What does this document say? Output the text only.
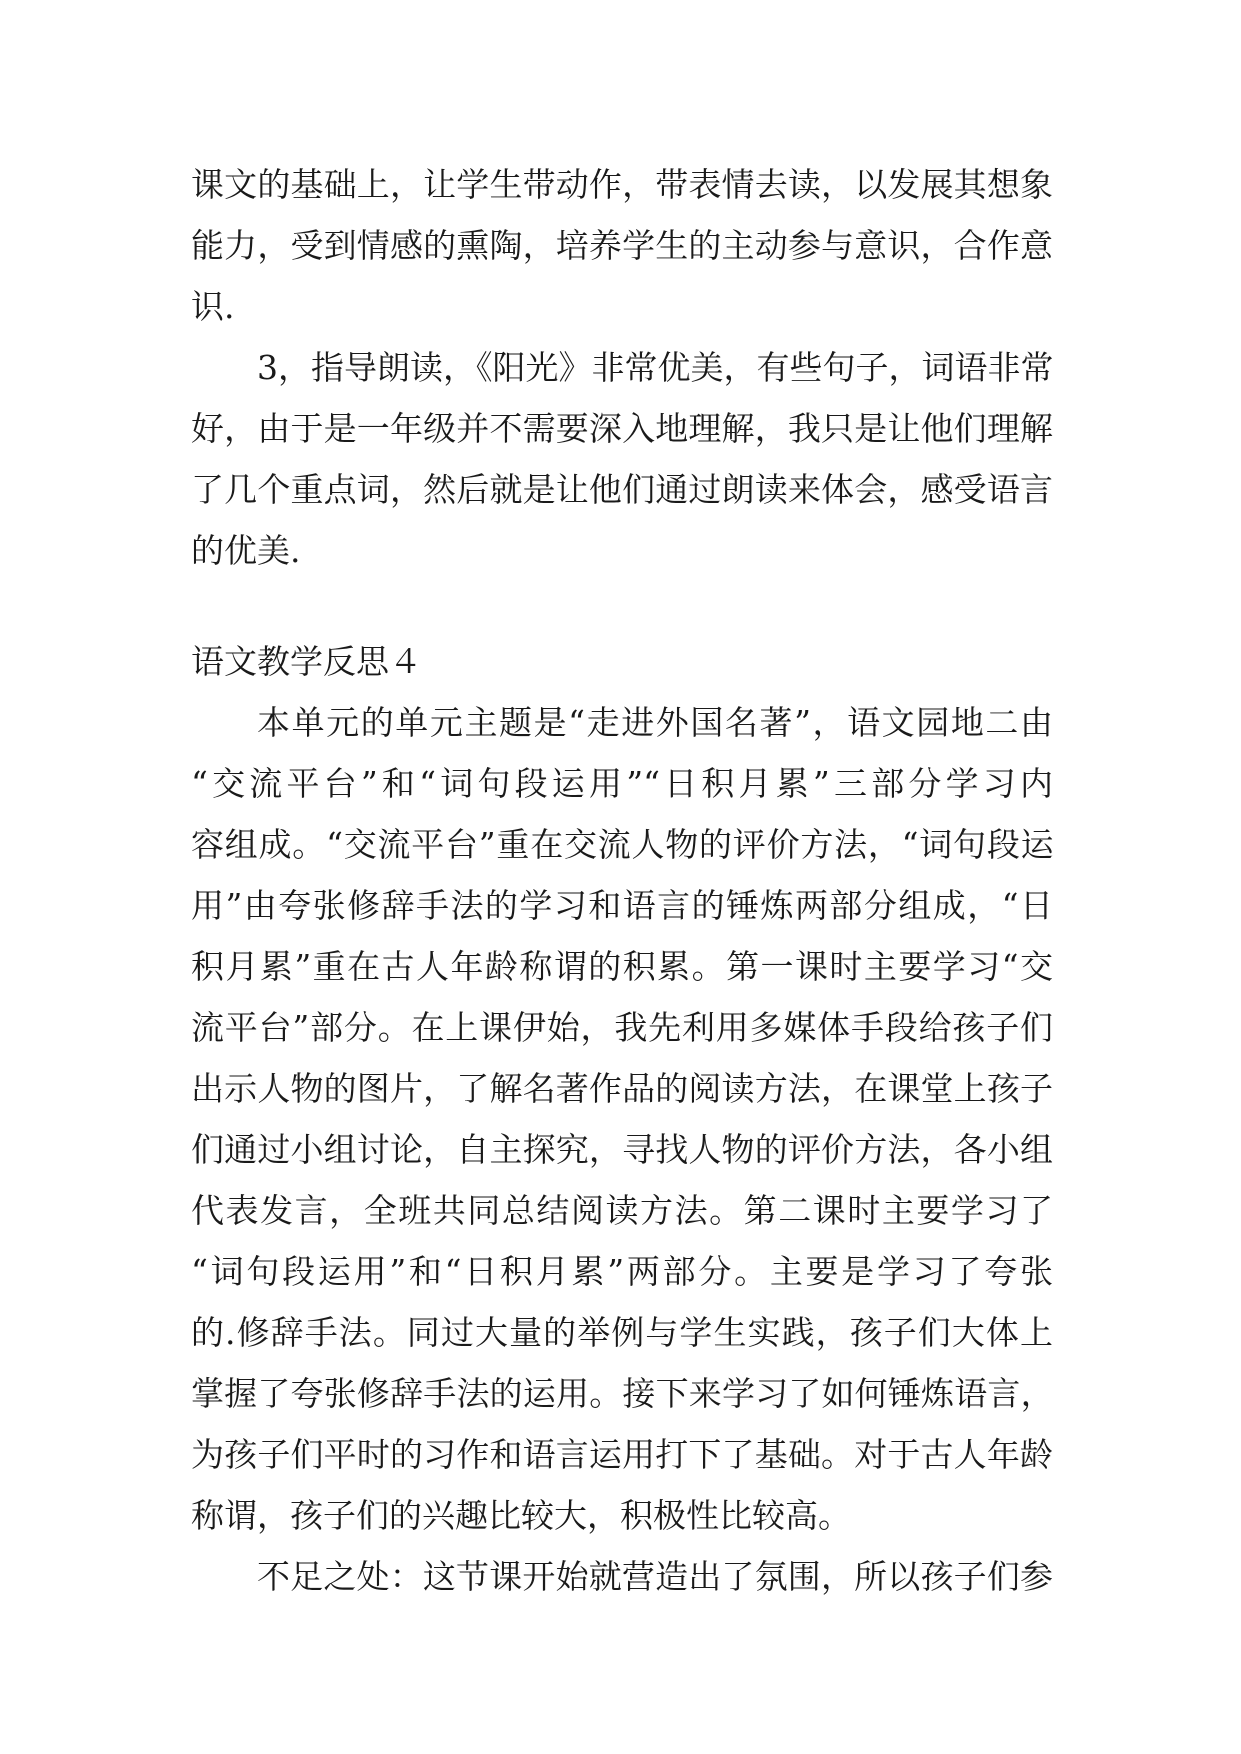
课文的基础上，让学生带动作，带表情去读，以发展其想象
能力，受到情感的熏陶，培养学生的主动参与意识，合作意
识.
3，指导朗读，《阳光》非常优美，有些句子，词语非常
好，由于是一年级并不需要深入地理解，我只是让他们理解
了几个重点词，然后就是让他们通过朗读来体会，感受语言
的优美.
语文教学反思４
本单元的单元主题是“走进外国名著”，语文园地二由
“交流平台”和“词句段运用”“日积月累”三部分学习内
容组成。“交流平台”重在交流人物的评价方法，“词句段运
用”由夸张修辞手法的学习和语言的锤炼两部分组成，“日
积月累”重在古人年龄称谓的积累。第一课时主要学习“交
流平台”部分。在上课伊始，我先利用多媒体手段给孩子们
出示人物的图片，了解名著作品的阅读方法，在课堂上孩子
们通过小组讨论，自主探究，寻找人物的评价方法，各小组
代表发言，全班共同总结阅读方法。第二课时主要学习了
“词句段运用”和“日积月累”两部分。主要是学习了夸张
的.修辞手法。同过大量的举例与学生实践，孩子们大体上
掌握了夸张修辞手法的运用。接下来学习了如何锤炼语言，
为孩子们平时的习作和语言运用打下了基础。对于古人年龄
称谓，孩子们的兴趣比较大，积极性比较高。
不足之处：这节课开始就营造出了氛围，所以孩子们参
